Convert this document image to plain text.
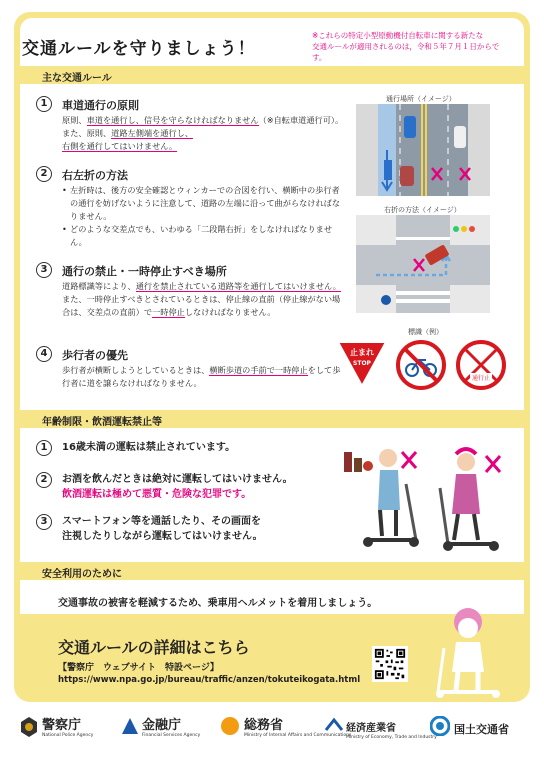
交通ルールを守りましょう！
※これらの特定小型原動機付自転車に関する新たな
交通ルールが適用されるのは，令和５年７月１日からです。
主な交通ルール
1	車道通行の原則
原則、車道を通行し、信号を守らなければなりません（※自転車道通行可）。また、原則、道路左側端を通行し、
右側を通行してはいけません。
2	右左折の方法
• 左折時は、後方の安全確認とウィンカーでの合図を行い、横断中の歩行者の通行を妨げないように注意して、道路の左端に沿って曲がらなければなりません。
• どのような交差点でも、いわゆる「二段階右折」をしなければなりません。
3	通行の禁止・一時停止すべき場所
道路標識等により、通行を禁止されている道路等を通行してはいけません。また、一時停止すべきとされているときは、停止線の直前（停止線がない場合は、交差点の直前）で一時停止しなければなりません。
4	歩行者の優先
歩行者が横断しようとしているときは、横断歩道の手前で一時停止をして歩行者に道を譲らなければなりません。
通行場所（イメージ）
右折の方法（イメージ）
標識（例）
止まれ
STOP
通行止
年齢制限・飲酒運転禁止等
1	16歳未満の運転は禁止されています。
2	お酒を飲んだときは絶対に運転してはいけません。
飲酒運転は極めて悪質・危険な犯罪です。
3	スマートフォン等を通話したり、その画面を
注視したりしながら運転してはいけません。
安全利用のために
交通事故の被害を軽減するため、乗車用ヘルメットを着用しましょう。
交通ルールの詳細はこちら
【警察庁　ウェブサイト　特設ページ】
https://www.npa.go.jp/bureau/traffic/anzen/tokuteikogata.html
警察庁
National Police Agency
金融庁
Financial Services Agency
総務省
Ministry of Internal Affairs and Communications
経済産業省
Ministry of Economy, Trade and Industry
国土交通省
